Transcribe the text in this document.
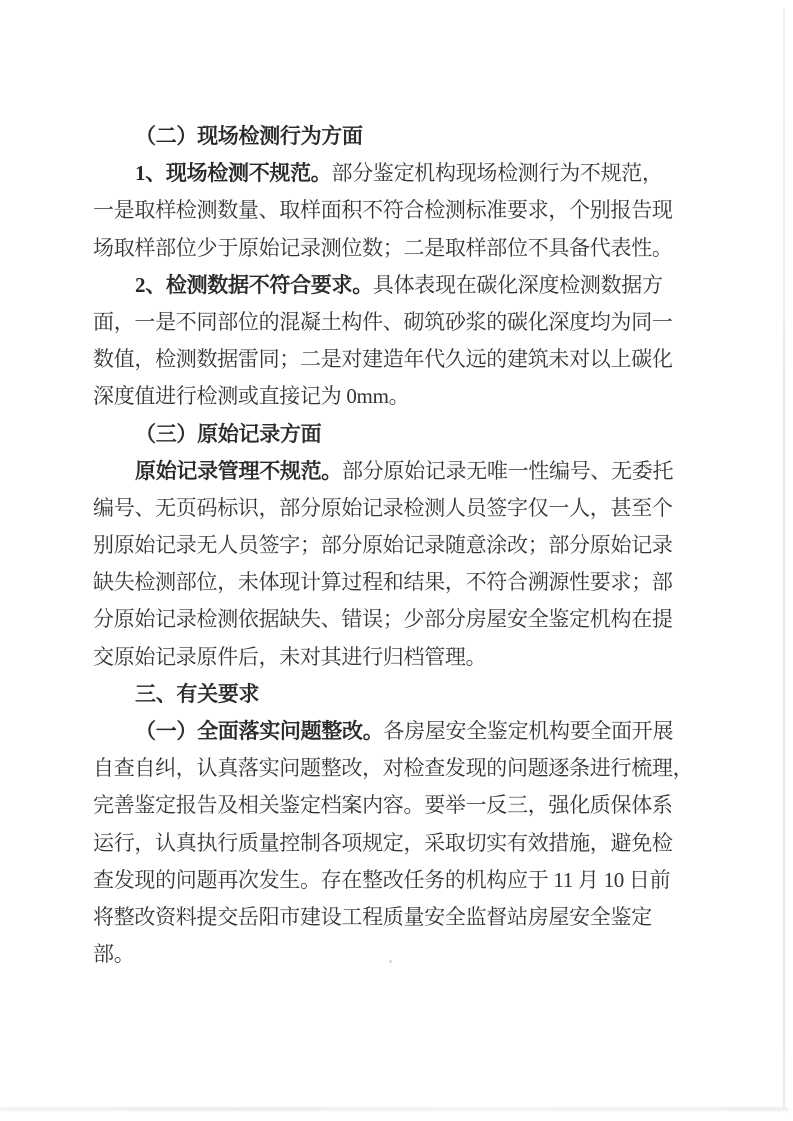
（二）现场检测行为方面
1、现场检测不规范。部分鉴定机构现场检测行为不规范，
一是取样检测数量、取样面积不符合检测标准要求，个别报告现
场取样部位少于原始记录测位数；二是取样部位不具备代表性。
2、检测数据不符合要求。具体表现在碳化深度检测数据方
面，一是不同部位的混凝土构件、砌筑砂浆的碳化深度均为同一
数值，检测数据雷同；二是对建造年代久远的建筑未对以上碳化
深度值进行检测或直接记为 0mm。
（三）原始记录方面
原始记录管理不规范。部分原始记录无唯一性编号、无委托
编号、无页码标识，部分原始记录检测人员签字仅一人，甚至个
别原始记录无人员签字；部分原始记录随意涂改；部分原始记录
缺失检测部位，未体现计算过程和结果，不符合溯源性要求；部
分原始记录检测依据缺失、错误；少部分房屋安全鉴定机构在提
交原始记录原件后，未对其进行归档管理。
三、有关要求
（一）全面落实问题整改。各房屋安全鉴定机构要全面开展
自查自纠，认真落实问题整改，对检查发现的问题逐条进行梳理，
完善鉴定报告及相关鉴定档案内容。要举一反三，强化质保体系
运行，认真执行质量控制各项规定，采取切实有效措施，避免检
查发现的问题再次发生。存在整改任务的机构应于 11 月 10 日前
将整改资料提交岳阳市建设工程质量安全监督站房屋安全鉴定
部。
